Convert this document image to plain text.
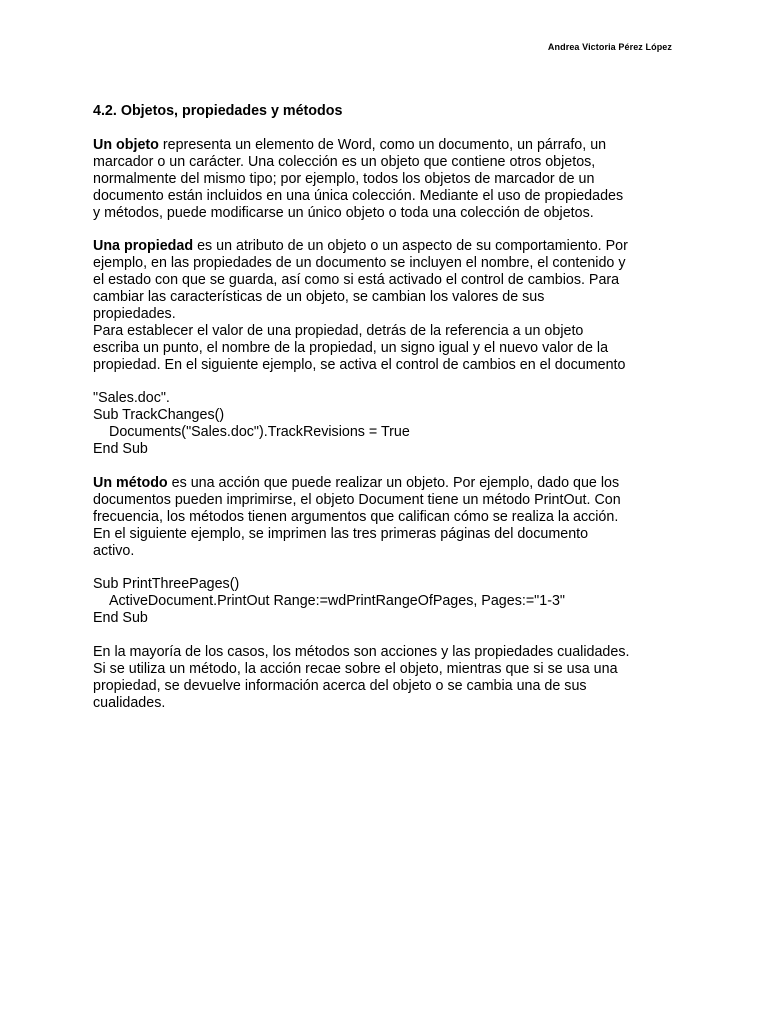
Andrea Victoria Pérez López
4.2. Objetos, propiedades y métodos
Un objeto representa un elemento de Word, como un documento, un párrafo, un
marcador o un carácter. Una colección es un objeto que contiene otros objetos,
normalmente del mismo tipo; por ejemplo, todos los objetos de marcador de un
documento están incluidos en una única colección. Mediante el uso de propiedades
y métodos, puede modificarse un único objeto o toda una colección de objetos.
Una propiedad es un atributo de un objeto o un aspecto de su comportamiento. Por
ejemplo, en las propiedades de un documento se incluyen el nombre, el contenido y
el estado con que se guarda, así como si está activado el control de cambios. Para
cambiar las características de un objeto, se cambian los valores de sus
propiedades.
Para establecer el valor de una propiedad, detrás de la referencia a un objeto
escriba un punto, el nombre de la propiedad, un signo igual y el nuevo valor de la
propiedad. En el siguiente ejemplo, se activa el control de cambios en el documento
"Sales.doc".
Sub TrackChanges()
Documents("Sales.doc").TrackRevisions = True
End Sub
Un método es una acción que puede realizar un objeto. Por ejemplo, dado que los
documentos pueden imprimirse, el objeto Document tiene un método PrintOut. Con
frecuencia, los métodos tienen argumentos que califican cómo se realiza la acción.
En el siguiente ejemplo, se imprimen las tres primeras páginas del documento
activo.
Sub PrintThreePages()
ActiveDocument.PrintOut Range:=wdPrintRangeOfPages, Pages:="1-3"
End Sub
En la mayoría de los casos, los métodos son acciones y las propiedades cualidades.
Si se utiliza un método, la acción recae sobre el objeto, mientras que si se usa una
propiedad, se devuelve información acerca del objeto o se cambia una de sus
cualidades.
